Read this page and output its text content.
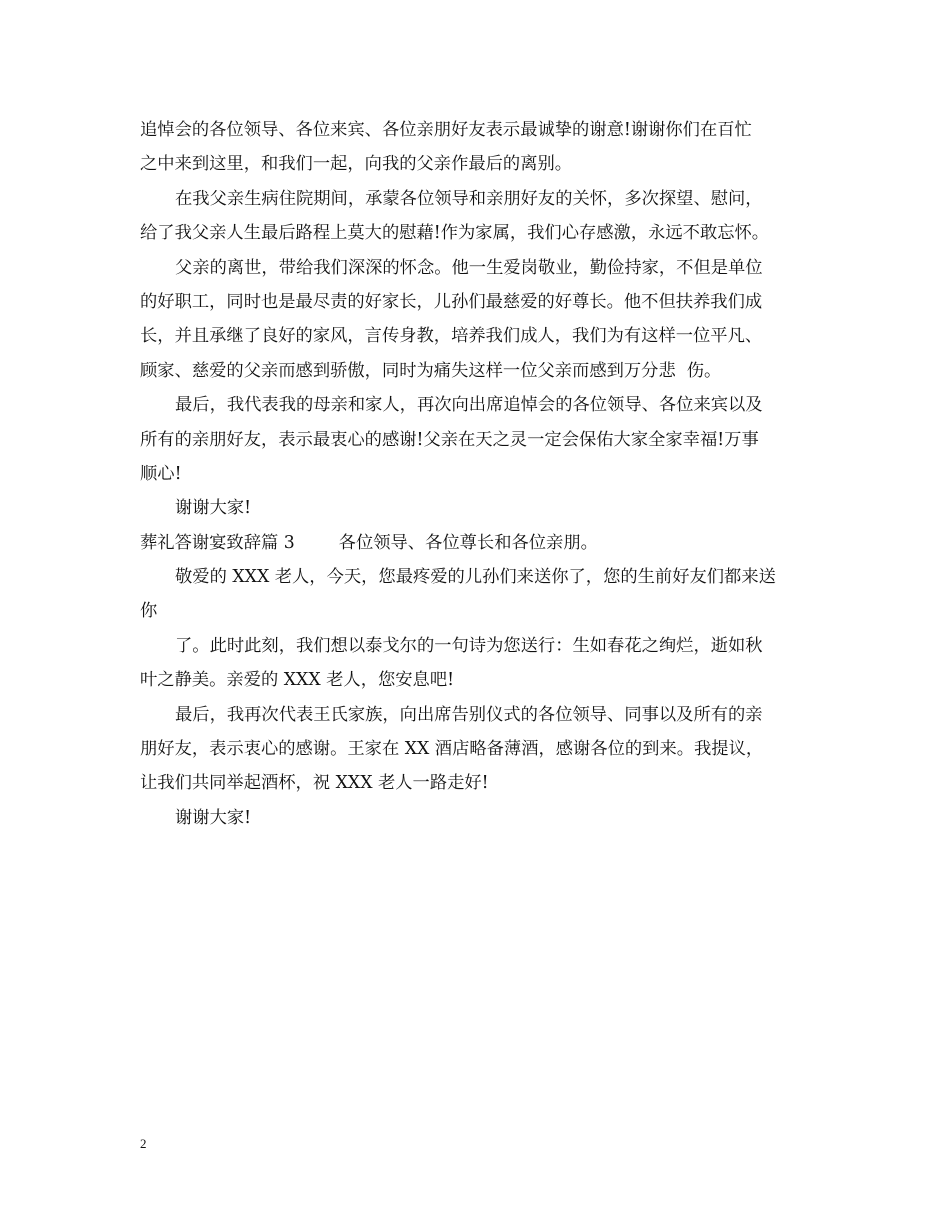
追悼会的各位领导、各位来宾、各位亲朋好友表示最诚挚的谢意!谢谢你们在百忙
之中来到这里，和我们一起，向我的父亲作最后的离别。
在我父亲生病住院期间，承蒙各位领导和亲朋好友的关怀，多次探望、慰问，
给了我父亲人生最后路程上莫大的慰藉!作为家属，我们心存感激，永远不敢忘怀。
父亲的离世，带给我们深深的怀念。他一生爱岗敬业，勤俭持家，不但是单位
的好职工，同时也是最尽责的好家长，儿孙们最慈爱的好尊长。他不但扶养我们成
长，并且承继了良好的家风，言传身教，培养我们成人，我们为有这样一位平凡、
顾家、慈爱的父亲而感到骄傲，同时为痛失这样一位父亲而感到万分悲  伤。
最后，我代表我的母亲和家人，再次向出席追悼会的各位领导、各位来宾以及
所有的亲朋好友，表示最衷心的感谢!父亲在天之灵一定会保佑大家全家幸福!万事
顺心!
谢谢大家!
葬礼答谢宴致辞篇 3        各位领导、各位尊长和各位亲朋。
敬爱的 XXX 老人，今天，您最疼爱的儿孙们来送你了，您的生前好友们都来送
你
了。此时此刻，我们想以泰戈尔的一句诗为您送行：生如春花之绚烂，逝如秋
叶之静美。亲爱的 XXX 老人，您安息吧!
最后，我再次代表王氏家族，向出席告别仪式的各位领导、同事以及所有的亲
朋好友，表示衷心的感谢。王家在 XX 酒店略备薄酒，感谢各位的到来。我提议，
让我们共同举起酒杯，祝 XXX 老人一路走好!
谢谢大家!
2
